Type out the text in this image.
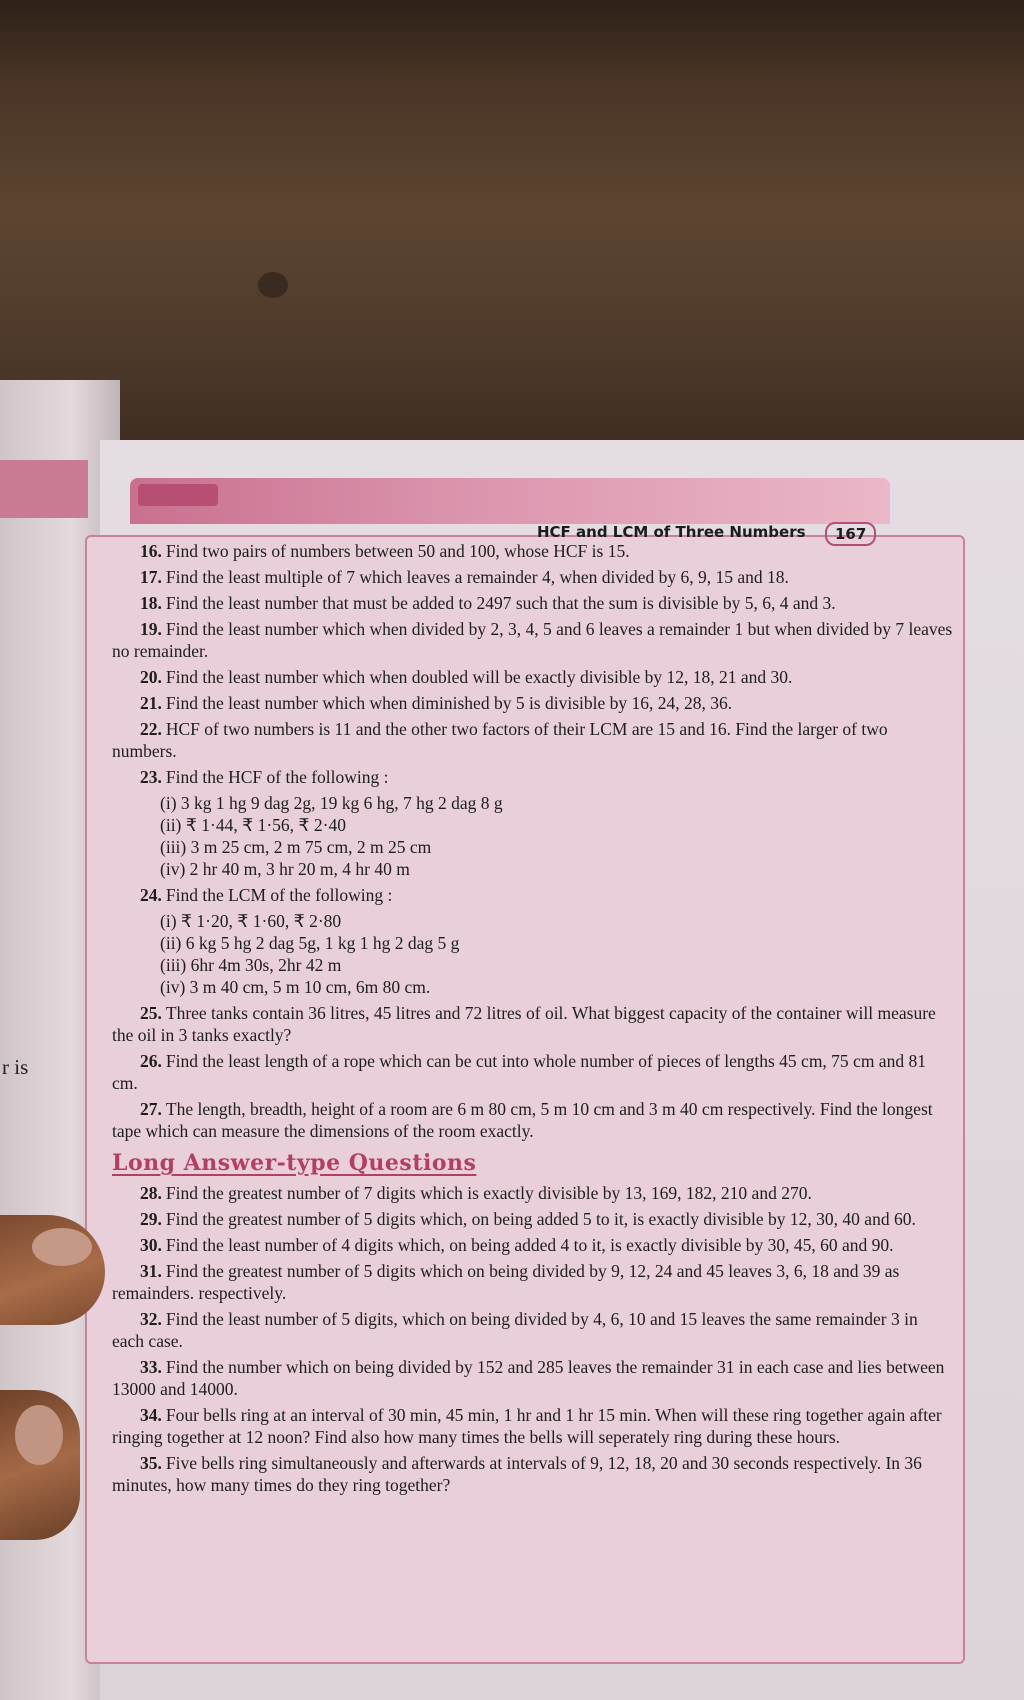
r is
HCF and LCM of Three Numbers	167

16. Find two pairs of numbers between 50 and 100, whose HCF is 15.

17. Find the least multiple of 7 which leaves a remainder 4, when divided by 6, 9, 15 and 18.

18. Find the least number that must be added to 2497 such that the sum is divisible by 5, 6, 4 and 3.

19. Find the least number which when divided by 2, 3, 4, 5 and 6 leaves a remainder 1 but when divided by 7 leaves no remainder.

20. Find the least number which when doubled will be exactly divisible by 12, 18, 21 and 30.

21. Find the least number which when diminished by 5 is divisible by 16, 24, 28, 36.

22. HCF of two numbers is 11 and the other two factors of their LCM are 15 and 16. Find the larger of two numbers.

23. Find the HCF of the following :

(i) 3 kg 1 hg 9 dag 2g, 19 kg 6 hg, 7 hg 2 dag 8 g

(ii) ₹ 1·44, ₹ 1·56, ₹ 2·40

(iii) 3 m 25 cm, 2 m 75 cm, 2 m 25 cm

(iv) 2 hr 40 m, 3 hr 20 m, 4 hr 40 m

24. Find the LCM of the following :

(i) ₹ 1·20, ₹ 1·60, ₹ 2·80

(ii) 6 kg 5 hg 2 dag 5g, 1 kg 1 hg 2 dag 5 g

(iii) 6hr 4m 30s, 2hr 42 m

(iv) 3 m 40 cm, 5 m 10 cm, 6m 80 cm.

25. Three tanks contain 36 litres, 45 litres and 72 litres of oil. What biggest capacity of the container will measure the oil in 3 tanks exactly?

26. Find the least length of a rope which can be cut into whole number of pieces of lengths 45 cm, 75 cm and 81 cm.

27. The length, breadth, height of a room are 6 m 80 cm, 5 m 10 cm and 3 m 40 cm respectively. Find the longest tape which can measure the dimensions of the room exactly.

Long Answer-type Questions

28. Find the greatest number of 7 digits which is exactly divisible by 13, 169, 182, 210 and 270.

29. Find the greatest number of 5 digits which, on being added 5 to it, is exactly divisible by 12, 30, 40 and 60.

30. Find the least number of 4 digits which, on being added 4 to it, is exactly divisible by 30, 45, 60 and 90.

31. Find the greatest number of 5 digits which on being divided by 9, 12, 24 and 45 leaves 3, 6, 18 and 39 as remainders. respectively.

32. Find the least number of 5 digits, which on being divided by 4, 6, 10 and 15 leaves the same remainder 3 in each case.

33. Find the number which on being divided by 152 and 285 leaves the remainder 31 in each case and lies between 13000 and 14000.

34. Four bells ring at an interval of 30 min, 45 min, 1 hr and 1 hr 15 min. When will these ring together again after ringing together at 12 noon? Find also how many times the bells will seperately ring during these hours.

35. Five bells ring simultaneously and afterwards at intervals of 9, 12, 18, 20 and 30 seconds respectively. In 36 minutes, how many times do they ring together?
